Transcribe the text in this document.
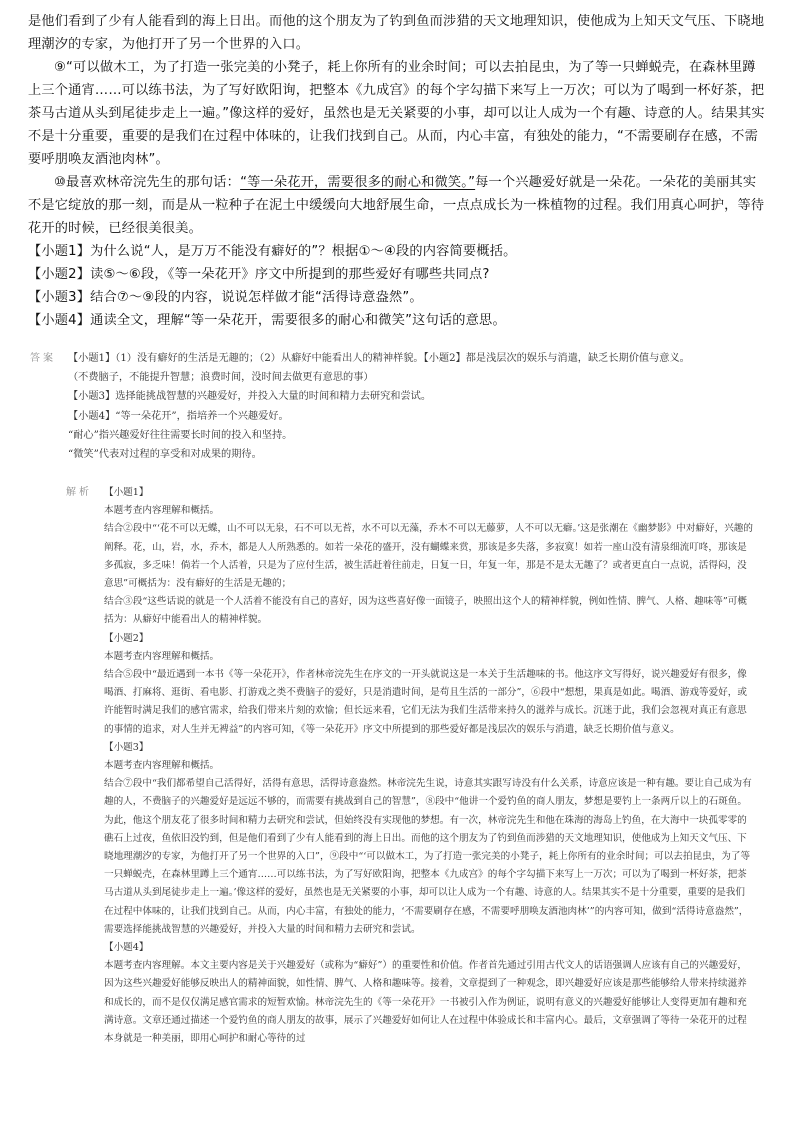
是他们看到了少有人能看到的海上日出。而他的这个朋友为了钓到鱼而涉猎的天文地理知识，使他成为上知天文气压、下晓地理潮汐的专家，为他打开了另一个世界的入口。

⑨“可以做木工，为了打造一张完美的小凳子，耗上你所有的业余时间；可以去拍昆虫，为了等一只蝉蜕壳，在森林里蹲上三个通宵……可以练书法，为了写好欧阳询，把整本《九成宫》的每个字勾描下来写上一万次；可以为了喝到一杯好茶，把茶马古道从头到尾徒步走上一遍。”像这样的爱好，虽然也是无关紧要的小事，却可以让人成为一个有趣、诗意的人。结果其实不是十分重要，重要的是我们在过程中体味的，让我们找到自己。从而，内心丰富，有独处的能力，“不需要刷存在感，不需要呼朋唤友酒池肉林”。

⑩最喜欢林帝浣先生的那句话：“等一朵花开，需要很多的耐心和微笑。”每一个兴趣爱好就是一朵花。一朵花的美丽其实不是它绽放的那一刻，而是从一粒种子在泥土中缓缓向大地舒展生命，一点点成长为一株植物的过程。我们用真心呵护，等待花开的时候，已经很美很美。

【小题1】为什么说“人，是万万不能没有癖好的”？根据①～④段的内容简要概括。

【小题2】读⑤～⑥段，《等一朵花开》序文中所提到的那些爱好有哪些共同点?

【小题3】结合⑦～⑨段的内容，说说怎样做才能“活得诗意盎然”。

【小题4】通读全文，理解“等一朵花开，需要很多的耐心和微笑”这句话的意思。

答案 【小题1】（1）没有癖好的生活是无趣的；（2）从癖好中能看出人的精神样貌。【小题2】都是浅层次的娱乐与消遣，缺乏长期价值与意义。

（不费脑子，不能提升智慧；浪费时间，没时间去做更有意思的事）

【小题3】选择能挑战智慧的兴趣爱好，并投入大量的时间和精力去研究和尝试。

【小题4】“等一朵花开”，指培养一个兴趣爱好。

“耐心”指兴趣爱好往往需要长时间的投入和坚持。

“微笑”代表对过程的享受和对成果的期待。

解析 【小题1】

本题考查内容理解和概括。

结合②段中“‘花不可以无蝶，山不可以无泉，石不可以无苔，水不可以无藻，乔木不可以无藤萝，人不可以无癖。’这是张潮在《幽梦影》中对癖好，兴趣的阐释。花，山，岩，水，乔木，都是人人所熟悉的。如若一朵花的盛开，没有蝴蝶来赏，那该是多失落，多寂寞！如若一座山没有清泉细流叮咚，那该是多孤寂，多乏味！倘若一个人活着，只是为了应付生活，被生活赶着往前走，日复一日，年复一年，那是不是太无趣了？或者更直白一点说，活得闷，没意思”可概括为：没有癖好的生活是无趣的；

结合③段“这些话说的就是一个人活着不能没有自己的喜好，因为这些喜好像一面镜子，映照出这个人的精神样貌，例如性情、脾气、人格、趣味等”可概括为：从癖好中能看出人的精神样貌。

【小题2】

本题考查内容理解和概括。

结合⑤段中“最近遇到一本书《等一朵花开》，作者林帝浣先生在序文的一开头就说这是一本关于生活趣味的书。他这序文写得好，说兴趣爱好有很多，像喝酒、打麻将、逛街、看电影、打游戏之类不费脑子的爱好，只是消遣时间，是苟且生活的一部分”，⑥段中“想想，果真是如此。喝酒、游戏等爱好，或许能暂时满足我们的感官需求，给我们带来片刻的欢愉；但长远来看，它们无法为我们生活带来持久的滋养与成长。沉迷于此，我们会忽视对真正有意思的事情的追求，对人生并无裨益”的内容可知，《等一朵花开》序文中所提到的那些爱好都是浅层次的娱乐与消遣，缺乏长期价值与意义。

【小题3】

本题考查内容理解和概括。

结合⑦段中“我们都希望自己活得好，活得有意思，活得诗意盎然。林帝浣先生说，诗意其实跟写诗没有什么关系，诗意应该是一种有趣。要让自己成为有趣的人，不费脑子的兴趣爱好是远远不够的，而需要有挑战到自己的智慧”，⑧段中“他讲一个爱钓鱼的商人朋友，梦想是要钓上一条两斤以上的石斑鱼。为此，他这个朋友花了很多时间和精力去研究和尝试，但始终没有实现他的梦想。有一次，林帝浣先生和他在珠海的海岛上钓鱼，在大海中一块孤零零的礁石上过夜，鱼依旧没钓到，但是他们看到了少有人能看到的海上日出。而他的这个朋友为了钓到鱼而涉猎的天文地理知识，使他成为上知天文气压、下晓地理潮汐的专家，为他打开了另一个世界的入口”，⑨段中“‘可以做木工，为了打造一张完美的小凳子，耗上你所有的业余时间；可以去拍昆虫，为了等一只蝉蜕壳，在森林里蹲上三个通宵……可以练书法，为了写好欧阳询，把整本《九成宫》的每个字勾描下来写上一万次；可以为了喝到一杯好茶，把茶马古道从头到尾徒步走上一遍。’像这样的爱好，虽然也是无关紧要的小事，却可以让人成为一个有趣、诗意的人。结果其实不是十分重要，重要的是我们在过程中体味的，让我们找到自己。从而，内心丰富，有独处的能力，‘不需要刷存在感，不需要呼朋唤友酒池肉林’”的内容可知，做到“活得诗意盎然”，需要选择能挑战智慧的兴趣爱好，并投入大量的时间和精力去研究和尝试。

【小题4】

本题考查内容理解。本文主要内容是关于兴趣爱好（或称为“癖好”）的重要性和价值。作者首先通过引用古代文人的话语强调人应该有自己的兴趣爱好，因为这些兴趣爱好能够反映出人的精神面貌，如性情、脾气、人格和趣味等。接着，文章提到了一种观念，即兴趣爱好应该是那些能够给人带来持续滋养和成长的，而不是仅仅满足感官需求的短暂欢愉。林帝浣先生的《等一朵花开》一书被引入作为例证，说明有意义的兴趣爱好能够让人变得更加有趣和充满诗意。文章还通过描述一个爱钓鱼的商人朋友的故事，展示了兴趣爱好如何让人在过程中体验成长和丰富内心。最后，文章强调了等待一朵花开的过程本身就是一种美丽，即用心呵护和耐心等待的过
